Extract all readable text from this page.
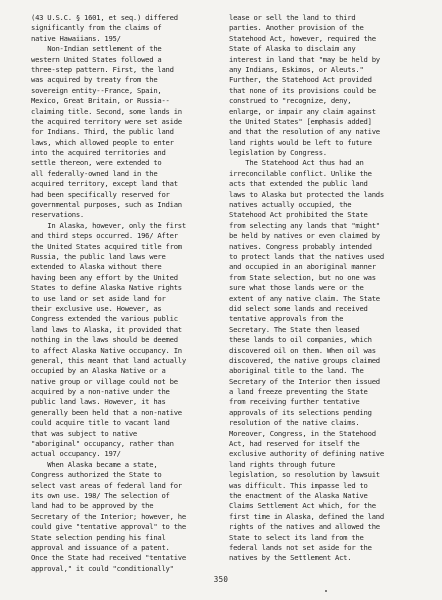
(43 U.S.C. § 1601, et seq.) differed
significantly from the claims of
native Hawaiians. 195/
Non-Indian settlement of the
western United States followed a
three-step pattern. First, the land
was acquired by treaty from the
sovereign entity--France, Spain,
Mexico, Great Britain, or Russia--
claiming title. Second, some lands in
the acquired territory were set aside
for Indians. Third, the public land
laws, which allowed people to enter
into the acquired territories and
settle thereon, were extended to
all federally-owned land in the
acquired territory, except land that
had been specifically reserved for
governmental purposes, such as Indian
reservations.
In Alaska, however, only the first
and third steps occurred. 196/ After
the United States acquired title from
Russia, the public land laws were
extended to Alaska without there
having been any effort by the United
States to define Alaska Native rights
to use land or set aside land for
their exclusive use. However, as
Congress extended the various public
land laws to Alaska, it provided that
nothing in the laws should be deemed
to affect Alaska Native occupancy. In
general, this meant that land actually
occupied by an Alaska Native or a
native group or village could not be
acquired by a non-native under the
public land laws. However, it has
generally been held that a non-native
could acquire title to vacant land
that was subject to native
"aboriginal" occupancy, rather than
actual occupancy. 197/
When Alaska became a state,
Congress authorized the State to
select vast areas of federal land for
its own use. 198/ The selection of
land had to be approved by the
Secretary of the Interior; however, he
could give "tentative approval" to the
State selection pending his final
approval and issuance of a patent.
Once the State had received "tentative
approval," it could "conditionally"
lease or sell the land to third
parties. Another provision of the
Statehood Act, however, required the
State of Alaska to disclaim any
interest in land that "may be held by
any Indians, Eskimos, or Aleuts."
Further, the Statehood Act provided
that none of its provisions could be
construed to "recognize, deny,
enlarge, or impair any claim against
the United States" [emphasis added]
and that the resolution of any native
land rights would be left to future
legislation by Congress.
The Statehood Act thus had an
irreconcilable conflict. Unlike the
acts that extended the public land
laws to Alaska but protected the lands
natives actually occupied, the
Statehood Act prohibited the State
from selecting any lands that "might"
be held by natives or even claimed by
natives. Congress probably intended
to protect lands that the natives used
and occupied in an aboriginal manner
from State selection, but no one was
sure what those lands were or the
extent of any native claim. The State
did select some lands and received
tentative approvals from the
Secretary. The State then leased
these lands to oil companies, which
discovered oil on them. When oil was
discovered, the native groups claimed
aboriginal title to the land. The
Secretary of the Interior then issued
a land freeze preventing the State
from receiving further tentative
approvals of its selections pending
resolution of the native claims.
Moreover, Congress, in the Statehood
Act, had reserved for itself the
exclusive authority of defining native
land rights through future
legislation, so resolution by lawsuit
was difficult. This impasse led to
the enactment of the Alaska Native
Claims Settlement Act which, for the
first time in Alaska, defined the land
rights of the natives and allowed the
State to select its land from the
federal lands not set aside for the
natives by the Settlement Act.
350
